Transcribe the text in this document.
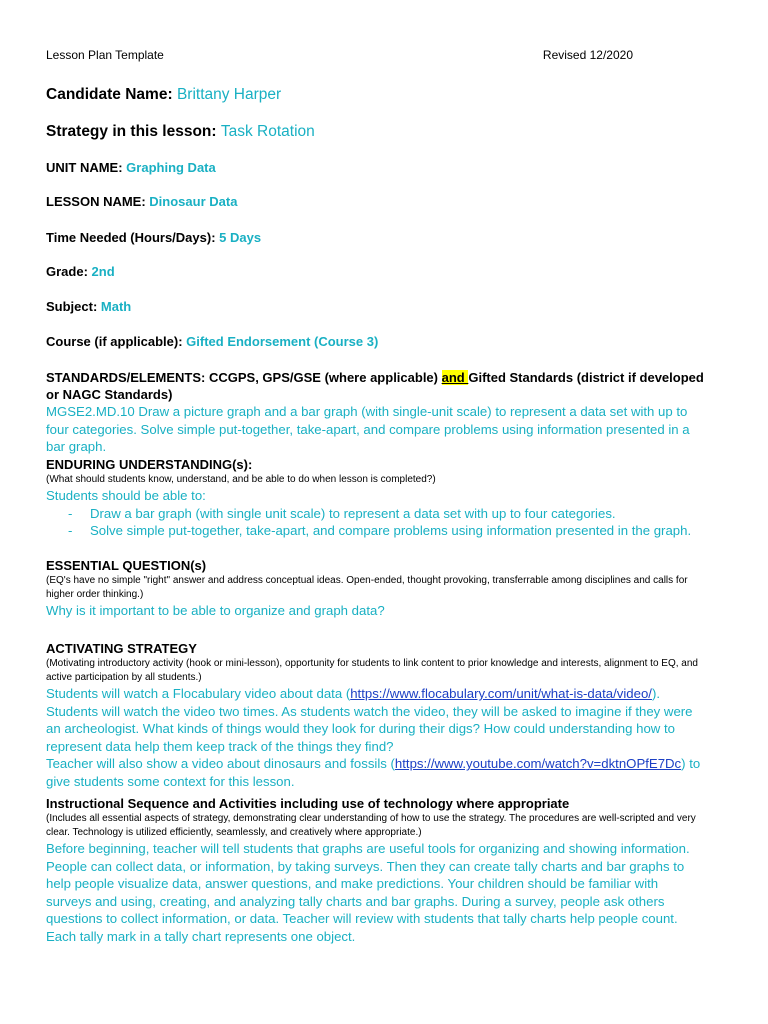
Lesson Plan Template	Revised 12/2020
Candidate Name: Brittany Harper
Strategy in this lesson: Task Rotation
UNIT NAME: Graphing Data
LESSON NAME: Dinosaur Data
Time Needed (Hours/Days): 5 Days
Grade: 2nd
Subject: Math
Course (if applicable): Gifted Endorsement (Course 3)
STANDARDS/ELEMENTS: CCGPS, GPS/GSE (where applicable) and Gifted Standards (district if developed or NAGC Standards)
MGSE2.MD.10 Draw a picture graph and a bar graph (with single-unit scale) to represent a data set with up to four categories. Solve simple put-together, take-apart, and compare problems using information presented in a bar graph.
ENDURING UNDERSTANDING(s):
(What should students know, understand, and be able to do when lesson is completed?)
Students should be able to:
- Draw a bar graph (with single unit scale) to represent a data set with up to four categories.
- Solve simple put-together, take-apart, and compare problems using information presented in the graph.
ESSENTIAL QUESTION(s)
(EQ's have no simple "right" answer and address conceptual ideas. Open-ended, thought provoking, transferrable among disciplines and calls for higher order thinking.)
Why is it important to be able to organize and graph data?
ACTIVATING STRATEGY
(Motivating introductory activity (hook or mini-lesson), opportunity for students to link content to prior knowledge and interests, alignment to EQ, and active participation by all students.)
Students will watch a Flocabulary video about data (https://www.flocabulary.com/unit/what-is-data/video/). Students will watch the video two times. As students watch the video, they will be asked to imagine if they were an archeologist. What kinds of things would they look for during their digs? How could understanding how to represent data help them keep track of the things they find?
Teacher will also show a video about dinosaurs and fossils (https://www.youtube.com/watch?v=dktnOPfE7Dc) to give students some context for this lesson.
Instructional Sequence and Activities including use of technology where appropriate
(Includes all essential aspects of strategy, demonstrating clear understanding of how to use the strategy. The procedures are well-scripted and very clear. Technology is utilized efficiently, seamlessly, and creatively where appropriate.)
Before beginning, teacher will tell students that graphs are useful tools for organizing and showing information. People can collect data, or information, by taking surveys. Then they can create tally charts and bar graphs to help people visualize data, answer questions, and make predictions. Your children should be familiar with surveys and using, creating, and analyzing tally charts and bar graphs. During a survey, people ask others questions to collect information, or data. Teacher will review with students that tally charts help people count. Each tally mark in a tally chart represents one object.
